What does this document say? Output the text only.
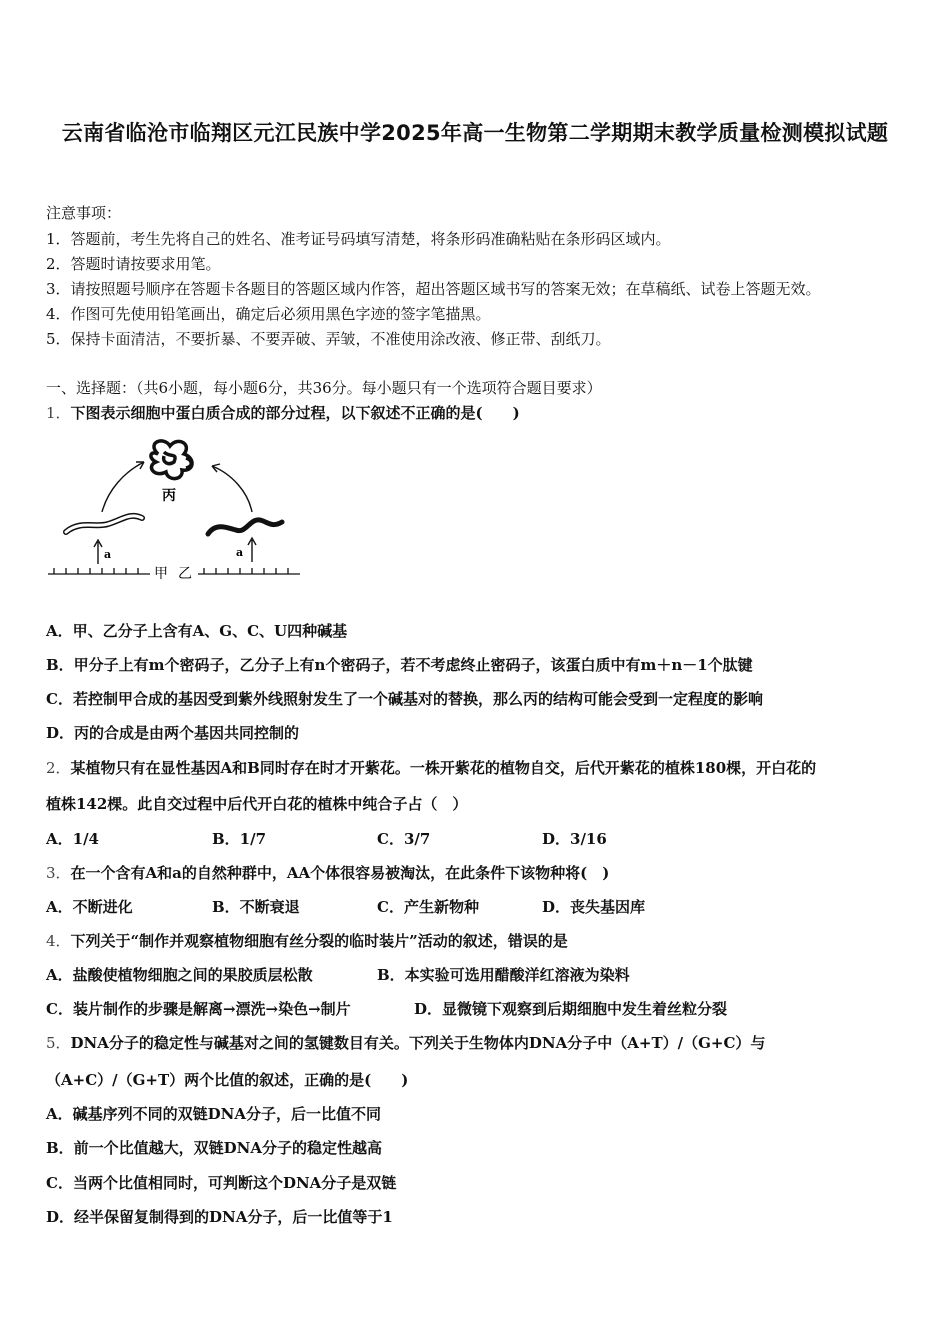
云南省临沧市临翔区元江民族中学2025年高一生物第二学期期末教学质量检测模拟试题
注意事项：
1．答题前，考生先将自己的姓名、准考证号码填写清楚，将条形码准确粘贴在条形码区域内。
2．答题时请按要求用笔。
3．请按照题号顺序在答题卡各题目的答题区域内作答，超出答题区域书写的答案无效；在草稿纸、试卷上答题无效。
4．作图可先使用铅笔画出，确定后必须用黑色字迹的签字笔描黑。
5．保持卡面清洁，不要折暴、不要弄破、弄皱，不准使用涂改液、修正带、刮纸刀。
一、选择题：（共6小题，每小题6分，共36分。每小题只有一个选项符合题目要求）
1．下图表示细胞中蛋白质合成的部分过程，以下叙述不正确的是(　　)
丙
a	a
甲 乙
A．甲、乙分子上含有A、G、C、U四种碱基
B．甲分子上有m个密码子，乙分子上有n个密码子，若不考虑终止密码子，该蛋白质中有m＋n－1个肽键
C．若控制甲合成的基因受到紫外线照射发生了一个碱基对的替换，那么丙的结构可能会受到一定程度的影响
D．丙的合成是由两个基因共同控制的
2．某植物只有在显性基因A和B同时存在时才开紫花。一株开紫花的植物自交，后代开紫花的植株180棵，开白花的
植株142棵。此自交过程中后代开白花的植株中纯合子占（　）
A．1/4	B．1/7	C．3/7	D．3/16
3．在一个含有A和a的自然种群中，AA个体很容易被淘汰，在此条件下该物种将(　)
A．不断进化	B．不断衰退	C．产生新物种	D．丧失基因库
4．下列关于“制作并观察植物细胞有丝分裂的临时装片”活动的叙述，错误的是
A．盐酸使植物细胞之间的果胶质层松散	B．本实验可选用醋酸洋红溶液为染料
C．装片制作的步骤是解离→漂洗→染色→制片	D．显微镜下观察到后期细胞中发生着丝粒分裂
5．DNA分子的稳定性与碱基对之间的氢键数目有关。下列关于生物体内DNA分子中（A+T）/（G+C）与
（A+C）/（G+T）两个比值的叙述，正确的是(　　)
A．碱基序列不同的双链DNA分子，后一比值不同
B．前一个比值越大，双链DNA分子的稳定性越高
C．当两个比值相同时，可判断这个DNA分子是双链
D．经半保留复制得到的DNA分子，后一比值等于1
